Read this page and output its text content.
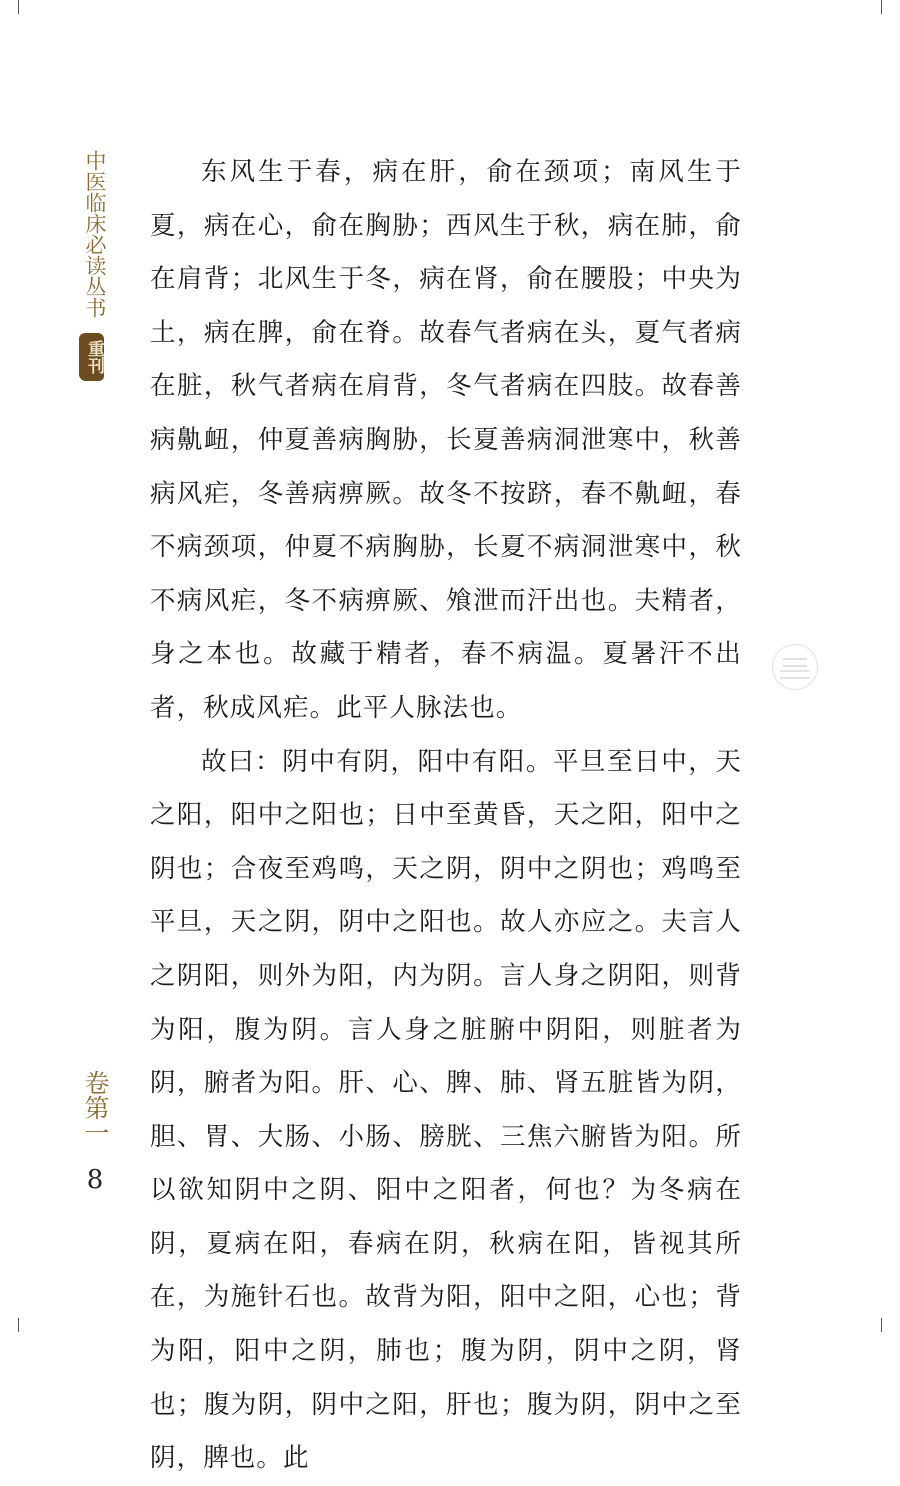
中医临床必读丛书
重刊
卷第一
8

东风生于春，病在肝，俞在颈项；南风生于夏，病在心，俞在胸胁；西风生于秋，病在肺，俞在肩背；北风生于冬，病在肾，俞在腰股；中央为土，病在脾，俞在脊。故春气者病在头，夏气者病在脏，秋气者病在肩背，冬气者病在四肢。故春善病鼽衄，仲夏善病胸胁，长夏善病洞泄寒中，秋善病风疟，冬善病痹厥。故冬不按跻，春不鼽衄，春不病颈项，仲夏不病胸胁，长夏不病洞泄寒中，秋不病风疟，冬不病痹厥、飧泄而汗出也。夫精者，身之本也。故藏于精者，春不病温。夏暑汗不出者，秋成风疟。此平人脉法也。

故曰：阴中有阴，阳中有阳。平旦至日中，天之阳，阳中之阳也；日中至黄昏，天之阳，阳中之阴也；合夜至鸡鸣，天之阴，阴中之阴也；鸡鸣至平旦，天之阴，阴中之阳也。故人亦应之。夫言人之阴阳，则外为阳，内为阴。言人身之阴阳，则背为阳，腹为阴。言人身之脏腑中阴阳，则脏者为阴，腑者为阳。肝、心、脾、肺、肾五脏皆为阴，胆、胃、大肠、小肠、膀胱、三焦六腑皆为阳。所以欲知阴中之阴、阳中之阳者，何也？为冬病在阴，夏病在阳，春病在阴，秋病在阳，皆视其所在，为施针石也。故背为阳，阳中之阳，心也；背为阳，阳中之阴，肺也；腹为阴，阴中之阴，肾也；腹为阴，阴中之阳，肝也；腹为阴，阴中之至阴，脾也。此
